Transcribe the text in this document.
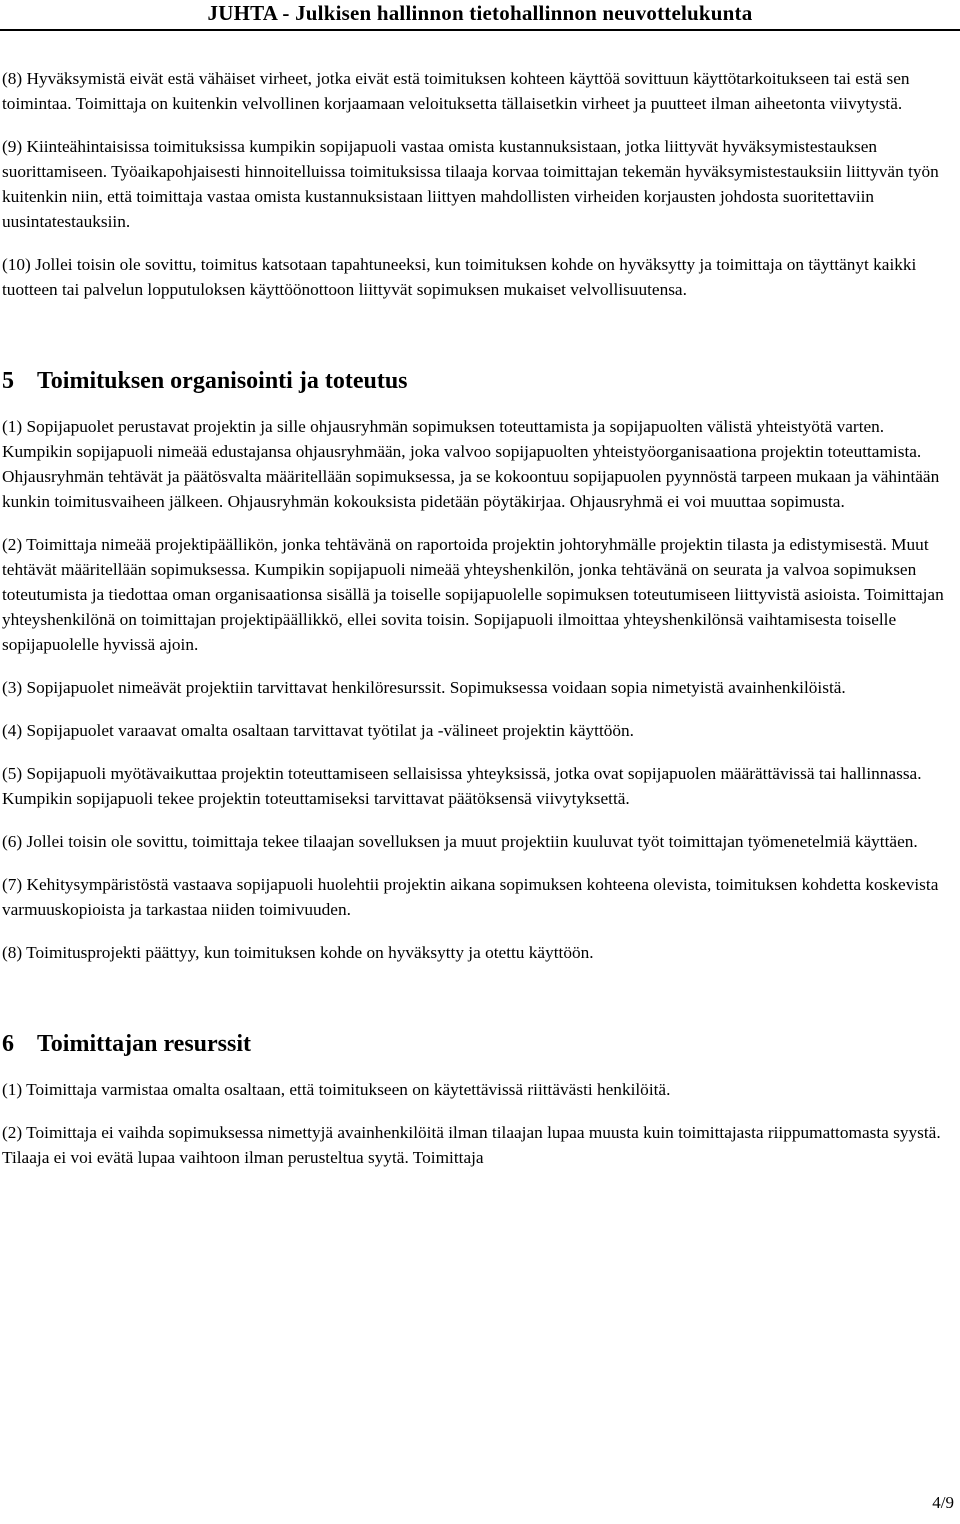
JUHTA - Julkisen hallinnon tietohallinnon neuvottelukunta

(8) Hyväksymistä eivät estä vähäiset virheet, jotka eivät estä toimituksen kohteen käyttöä sovittuun käyttötarkoitukseen tai estä sen toimintaa. Toimittaja on kuitenkin velvollinen korjaamaan veloituksetta tällaisetkin virheet ja puutteet ilman aiheetonta viivytystä.

(9) Kiinteähintaisissa toimituksissa kumpikin sopijapuoli vastaa omista kustannuksistaan, jotka liittyvät hyväksymistestauksen suorittamiseen. Työaikapohjaisesti hinnoitelluissa toimituksissa tilaaja korvaa toimittajan tekemän hyväksymistestauksiin liittyvän työn kuitenkin niin, että toimittaja vastaa omista kustannuksistaan liittyen mahdollisten virheiden korjausten johdosta suoritettaviin uusintatestauksiin.

(10) Jollei toisin ole sovittu, toimitus katsotaan tapahtuneeksi, kun toimituksen kohde on hyväksytty ja toimittaja on täyttänyt kaikki tuotteen tai palvelun lopputuloksen käyttöönottoon liittyvät sopimuksen mukaiset velvollisuutensa.

5 Toimituksen organisointi ja toteutus

(1) Sopijapuolet perustavat projektin ja sille ohjausryhmän sopimuksen toteuttamista ja sopijapuolten välistä yhteistyötä varten. Kumpikin sopijapuoli nimeää edustajansa ohjausryhmään, joka valvoo sopijapuolten yhteistyöorganisaationa projektin toteuttamista. Ohjausryhmän tehtävät ja päätösvalta määritellään sopimuksessa, ja se kokoontuu sopijapuolen pyynnöstä tarpeen mukaan ja vähintään kunkin toimitusvaiheen jälkeen. Ohjausryhmän kokouksista pidetään pöytäkirjaa. Ohjausryhmä ei voi muuttaa sopimusta.

(2) Toimittaja nimeää projektipäällikön, jonka tehtävänä on raportoida projektin johtoryhmälle projektin tilasta ja edistymisestä. Muut tehtävät määritellään sopimuksessa. Kumpikin sopijapuoli nimeää yhteyshenkilön, jonka tehtävänä on seurata ja valvoa sopimuksen toteutumista ja tiedottaa oman organisaationsa sisällä ja toiselle sopijapuolelle sopimuksen toteutumiseen liittyvistä asioista. Toimittajan yhteyshenkilönä on toimittajan projektipäällikkö, ellei sovita toisin. Sopijapuoli ilmoittaa yhteyshenkilönsä vaihtamisesta toiselle sopijapuolelle hyvissä ajoin.

(3) Sopijapuolet nimeävät projektiin tarvittavat henkilöresurssit. Sopimuksessa voidaan sopia nimetyistä avainhenkilöistä.

(4) Sopijapuolet varaavat omalta osaltaan tarvittavat työtilat ja -välineet projektin käyttöön.

(5) Sopijapuoli myötävaikuttaa projektin toteuttamiseen sellaisissa yhteyksissä, jotka ovat sopijapuolen määrättävissä tai hallinnassa. Kumpikin sopijapuoli tekee projektin toteuttamiseksi tarvittavat päätöksensä viivytyksettä.

(6) Jollei toisin ole sovittu, toimittaja tekee tilaajan sovelluksen ja muut projektiin kuuluvat työt toimittajan työmenetelmiä käyttäen.

(7) Kehitysympäristöstä vastaava sopijapuoli huolehtii projektin aikana sopimuksen kohteena olevista, toimituksen kohdetta koskevista varmuuskopioista ja tarkastaa niiden toimivuuden.

(8) Toimitusprojekti päättyy, kun toimituksen kohde on hyväksytty ja otettu käyttöön.

6 Toimittajan resurssit

(1) Toimittaja varmistaa omalta osaltaan, että toimitukseen on käytettävissä riittävästi henkilöitä.

(2) Toimittaja ei vaihda sopimuksessa nimettyjä avainhenkilöitä ilman tilaajan lupaa muusta kuin toimittajasta riippumattomasta syystä. Tilaaja ei voi evätä lupaa vaihtoon ilman perusteltua syytä. Toimittaja

4/9
